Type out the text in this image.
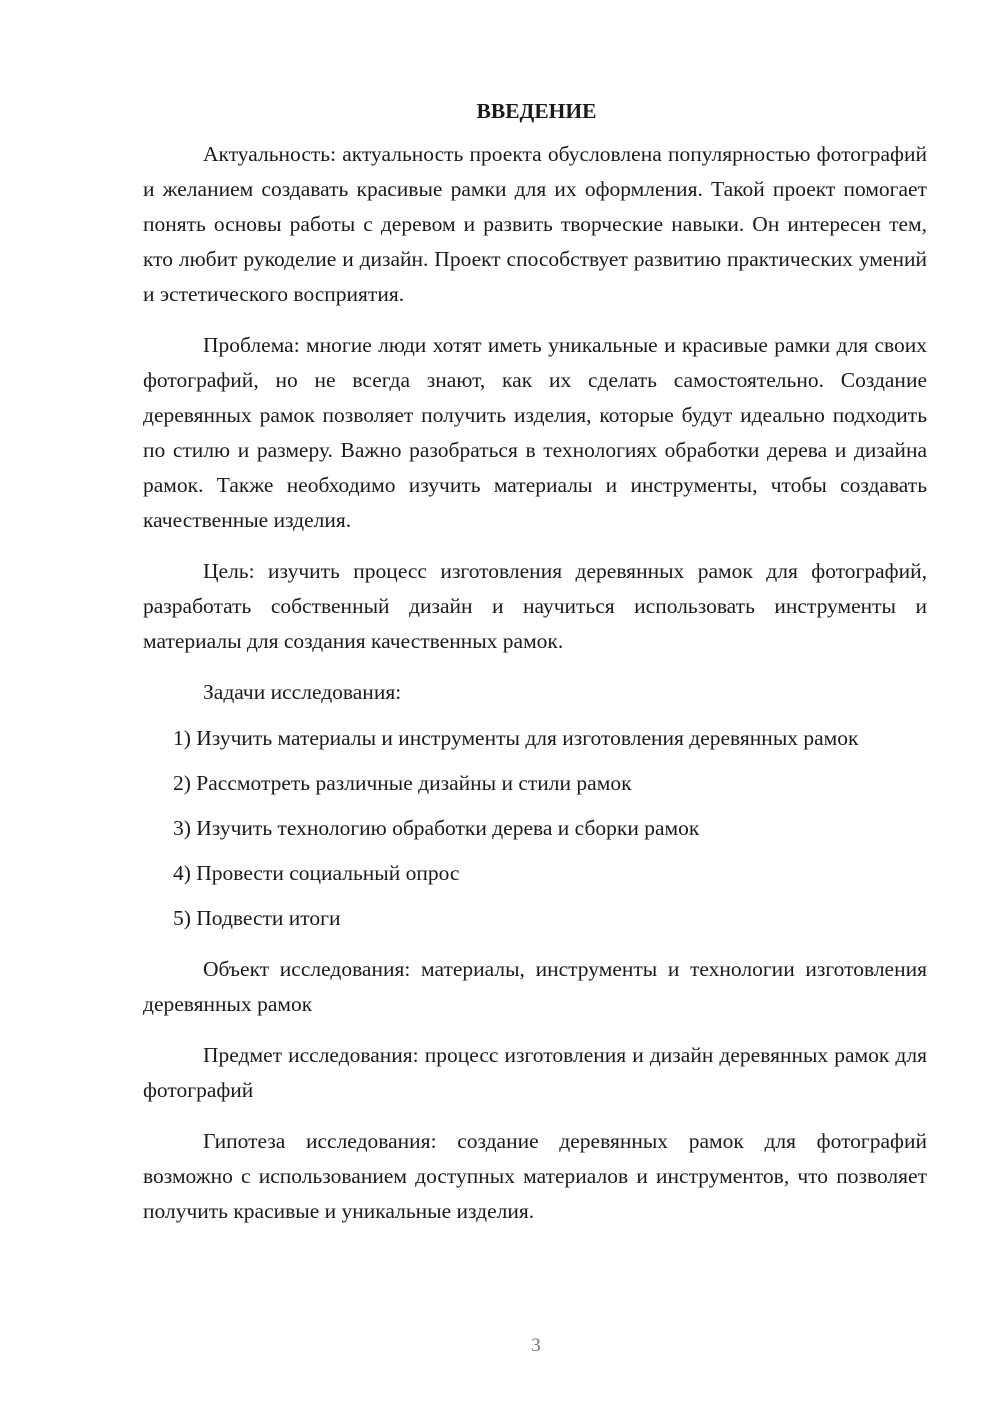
ВВЕДЕНИЕ

Актуальность: актуальность проекта обусловлена популярностью фотографий и желанием создавать красивые рамки для их оформления. Такой проект помогает понять основы работы с деревом и развить творческие навыки. Он интересен тем, кто любит рукоделие и дизайн. Проект способствует развитию практических умений и эстетического восприятия.

Проблема: многие люди хотят иметь уникальные и красивые рамки для своих фотографий, но не всегда знают, как их сделать самостоятельно. Создание деревянных рамок позволяет получить изделия, которые будут идеально подходить по стилю и размеру. Важно разобраться в технологиях обработки дерева и дизайна рамок. Также необходимо изучить материалы и инструменты, чтобы создавать качественные изделия.

Цель: изучить процесс изготовления деревянных рамок для фотографий, разработать собственный дизайн и научиться использовать инструменты и материалы для создания качественных рамок.

Задачи исследования:

1) Изучить материалы и инструменты для изготовления деревянных рамок
2) Рассмотреть различные дизайны и стили рамок
3) Изучить технологию обработки дерева и сборки рамок
4) Провести социальный опрос
5) Подвести итоги

Объект исследования: материалы, инструменты и технологии изготовления деревянных рамок

Предмет исследования: процесс изготовления и дизайн деревянных рамок для фотографий

Гипотеза исследования: создание деревянных рамок для фотографий возможно с использованием доступных материалов и инструментов, что позволяет получить красивые и уникальные изделия.

3
